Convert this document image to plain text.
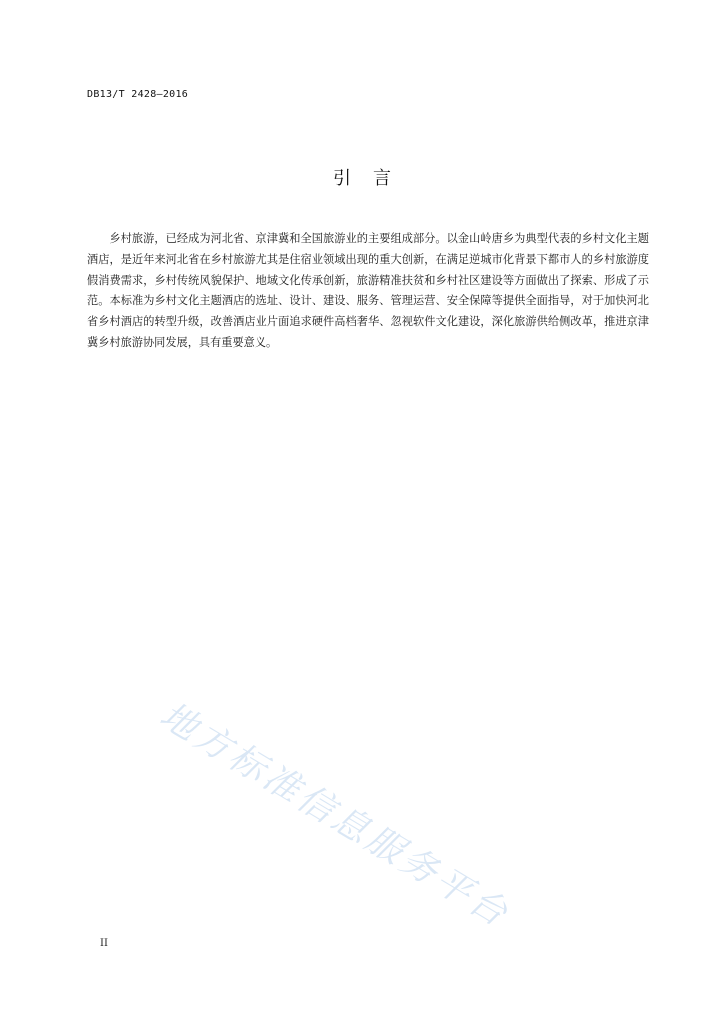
DB13/T 2428—2016
引言

乡村旅游，已经成为河北省、京津冀和全国旅游业的主要组成部分。以金山岭唐乡为典型代表的乡村文化主题酒店，是近年来河北省在乡村旅游尤其是住宿业领域出现的重大创新，在满足逆城市化背景下都市人的乡村旅游度假消费需求，乡村传统风貌保护、地域文化传承创新，旅游精准扶贫和乡村社区建设等方面做出了探索、形成了示范。本标准为乡村文化主题酒店的选址、设计、建设、服务、管理运营、安全保障等提供全面指导，对于加快河北省乡村酒店的转型升级，改善酒店业片面追求硬件高档奢华、忽视软件文化建设，深化旅游供给侧改革，推进京津冀乡村旅游协同发展，具有重要意义。

地方标准信息服务平台
II
